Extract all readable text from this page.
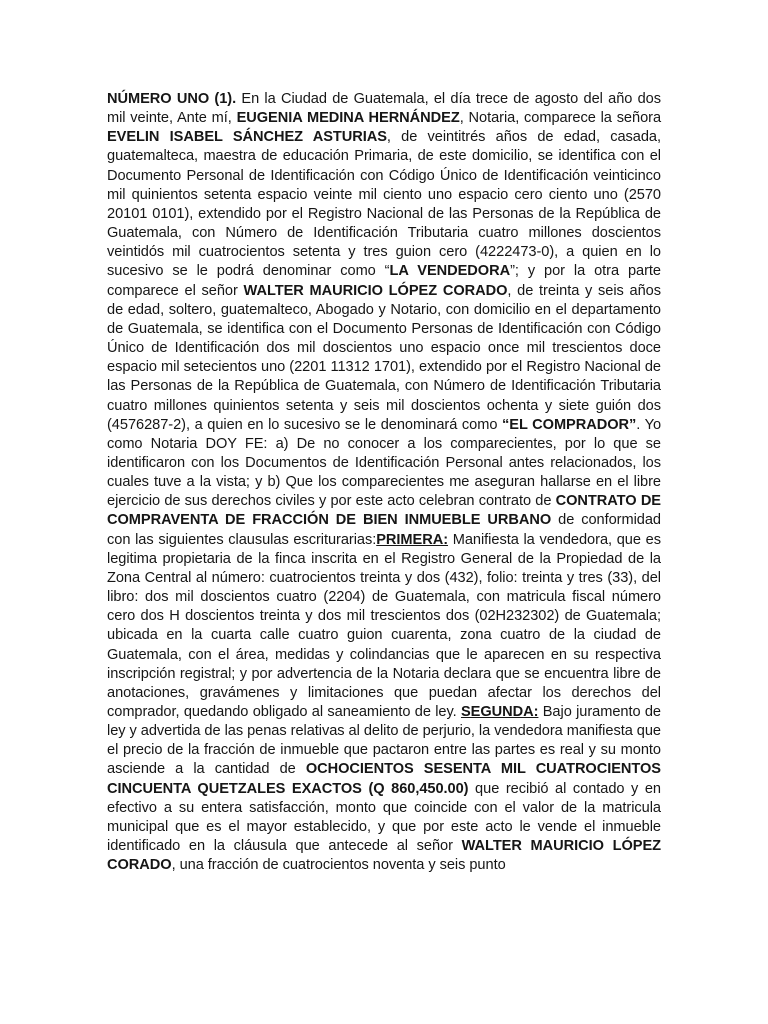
NÚMERO UNO (1). En la Ciudad de Guatemala, el día trece de agosto del año dos mil veinte, Ante mí, EUGENIA MEDINA HERNÁNDEZ, Notaria, comparece la señora EVELIN ISABEL SÁNCHEZ ASTURIAS, de veintitrés años de edad, casada, guatemalteca, maestra de educación Primaria, de este domicilio, se identifica con el Documento Personal de Identificación con Código Único de Identificación veinticinco mil quinientos setenta espacio veinte mil ciento uno espacio cero ciento uno (2570 20101 0101), extendido por el Registro Nacional de las Personas de la República de Guatemala, con Número de Identificación Tributaria cuatro millones doscientos veintidós mil cuatrocientos setenta y tres guion cero (4222473-0), a quien en lo sucesivo se le podrá denominar como “LA VENDEDORA”; y por la otra parte comparece el señor WALTER MAURICIO LÓPEZ CORADO, de treinta y seis años de edad, soltero, guatemalteco, Abogado y Notario, con domicilio en el departamento de Guatemala, se identifica con el Documento Personas de Identificación con Código Único de Identificación dos mil doscientos uno espacio once mil trescientos doce espacio mil setecientos uno (2201 11312 1701), extendido por el Registro Nacional de las Personas de la República de Guatemala, con Número de Identificación Tributaria cuatro millones quinientos setenta y seis mil doscientos ochenta y siete guión dos (4576287-2), a quien en lo sucesivo se le denominará como “EL COMPRADOR”. Yo como Notaria DOY FE: a) De no conocer a los comparecientes, por lo que se identificaron con los Documentos de Identificación Personal antes relacionados, los cuales tuve a la vista; y b) Que los comparecientes me aseguran hallarse en el libre ejercicio de sus derechos civiles y por este acto celebran contrato de CONTRATO DE COMPRAVENTA DE FRACCIÓN DE BIEN INMUEBLE URBANO de conformidad con las siguientes clausulas escriturarias:PRIMERA: Manifiesta la vendedora, que es legitima propietaria de la finca inscrita en el Registro General de la Propiedad de la Zona Central al número: cuatrocientos treinta y dos (432), folio: treinta y tres (33), del libro: dos mil doscientos cuatro (2204) de Guatemala, con matricula fiscal número cero dos H doscientos treinta y dos mil trescientos dos (02H232302) de Guatemala; ubicada en la cuarta calle cuatro guion cuarenta, zona cuatro de la ciudad de Guatemala, con el área, medidas y colindancias que le aparecen en su respectiva inscripción registral; y por advertencia de la Notaria declara que se encuentra libre de anotaciones, gravámenes y limitaciones que puedan afectar los derechos del comprador, quedando obligado al saneamiento de ley. SEGUNDA: Bajo juramento de ley y advertida de las penas relativas al delito de perjurio, la vendedora manifiesta que el precio de la fracción de inmueble que pactaron entre las partes es real y su monto asciende a la cantidad de OCHOCIENTOS SESENTA MIL CUATROCIENTOS CINCUENTA QUETZALES EXACTOS (Q 860,450.00) que recibió al contado y en efectivo a su entera satisfacción, monto que coincide con el valor de la matricula municipal que es el mayor establecido, y que por este acto le vende el inmueble identificado en la cláusula que antecede al señor WALTER MAURICIO LÓPEZ CORADO, una fracción de cuatrocientos noventa y seis punto
